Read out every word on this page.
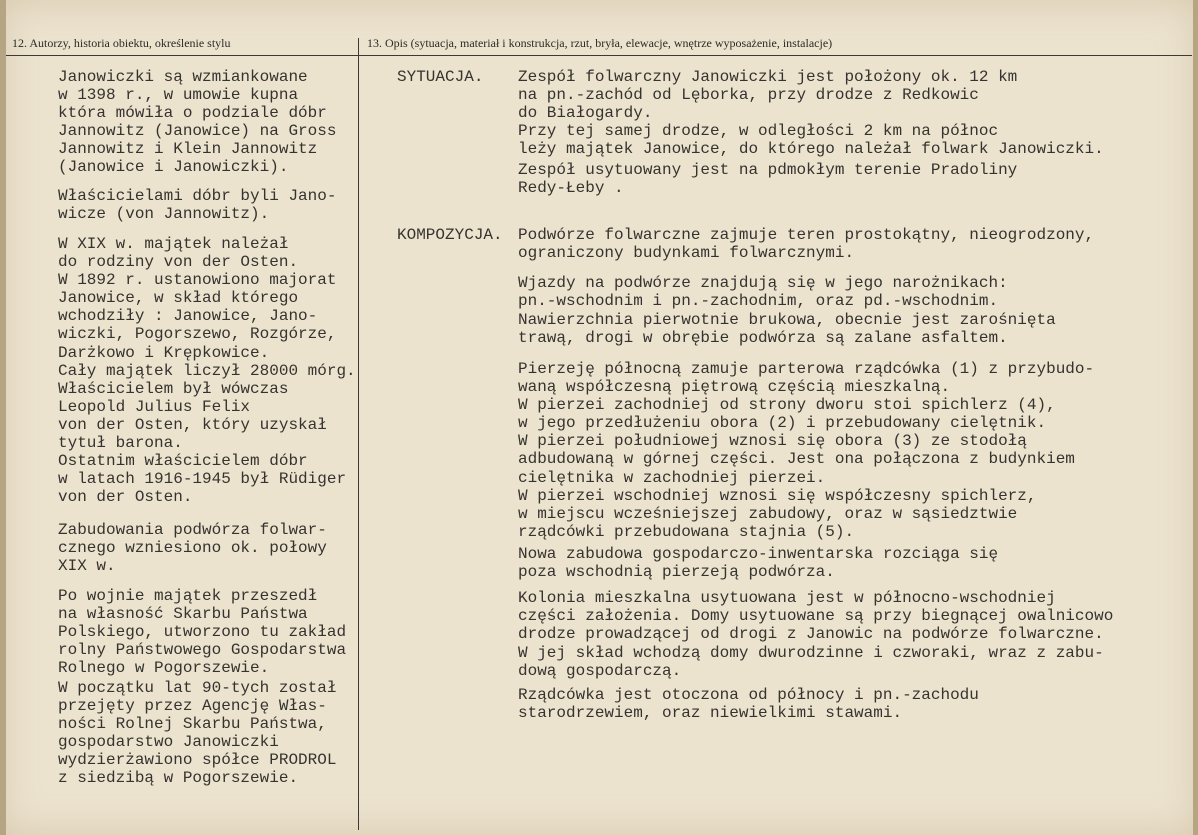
12. Autorzy, historia obiektu, określenie stylu	13. Opis (sytuacja, materiał i konstrukcja, rzut, bryła, elewacje, wnętrze wyposażenie, instalacje)

Janowiczki są wzmiankowane
w 1398 r., w umowie kupna
która mówiła o podziale dóbr
Jannowitz (Janowice) na Gross
Jannowitz i Klein Jannowitz
(Janowice i Janowiczki).

Właścicielami dóbr byli Jano-
wicze (von Jannowitz).

W XIX w. majątek należał
do rodziny von der Osten.
W 1892 r. ustanowiono majorat
Janowice, w skład którego
wchodziły : Janowice, Jano-
wiczki, Pogorszewo, Rozgórze,
Darżkowo i Krępkowice.
Cały majątek liczył 28000 mórg.

Właścicielem był wówczas
Leopold Julius Felix
von der Osten, który uzyskał
tytuł barona.

Ostatnim właścicielem dóbr
w latach 1916-1945 był Rüdiger
von der Osten.

Zabudowania podwórza folwar-
cznego wzniesiono ok. połowy
XIX w.

Po wojnie majątek przeszedł
na własność Skarbu Państwa
Polskiego, utworzono tu zakład
rolny Państwowego Gospodarstwa
Rolnego w Pogorszewie.

W początku lat 90-tych został
przejęty przez Agencję Włas-
ności Rolnej Skarbu Państwa,
gospodarstwo Janowiczki
wydzierżawiono spółce PRODROL
z siedzibą w Pogorszewie.

SYTUACJA. Zespół folwarczny Janowiczki jest położony ok. 12 km
na pn.-zachód od Lęborka, przy drodze z Redkowic
do Białogardy.
Przy tej samej drodze, w odległości 2 km na północ
leży majątek Janowice, do którego należał folwark Janowiczki.

Zespół usytuowany jest na pdmokłym terenie Pradoliny
Redy-Łeby .

KOMPOZYCJA. Podwórze folwarczne zajmuje teren prostokątny, nieogrodzony,
ograniczony budynkami folwarcznymi.

Wjazdy na podwórze znajdują się w jego narożnikach:
pn.-wschodnim i pn.-zachodnim, oraz pd.-wschodnim.

Nawierzchnia pierwotnie brukowa, obecnie jest zarośnięta
trawą, drogi w obrębie podwórza są zalane asfaltem.

Pierzeję północną zamuje parterowa rządcówka (1) z przybudo-
waną współczesną piętrową częścią mieszkalną.
W pierzei zachodniej od strony dworu stoi spichlerz (4),
w jego przedłużeniu obora (2) i przebudowany cielętnik.
W pierzei południowej wznosi się obora (3) ze stodołą
adbudowaną w górnej części. Jest ona połączona z budynkiem
cielętnika w zachodniej pierzei.
W pierzei wschodniej wznosi się współczesny spichlerz,
w miejscu wcześniejszej zabudowy, oraz w sąsiedztwie
rządcówki przebudowana stajnia (5).

Nowa zabudowa gospodarczo-inwentarska rozciąga się
poza wschodnią pierzeją podwórza.

Kolonia mieszkalna usytuowana jest w północno-wschodniej
części założenia. Domy usytuowane są przy biegnącej owalnicowo
drodze prowadzącej od drogi z Janowic na podwórze folwarczne.

W jej skład wchodzą domy dwurodzinne i czworaki, wraz z zabu-
dową gospodarczą.

Rządcówka jest otoczona od północy i pn.-zachodu
starodrzewiem, oraz niewielkimi stawami.
